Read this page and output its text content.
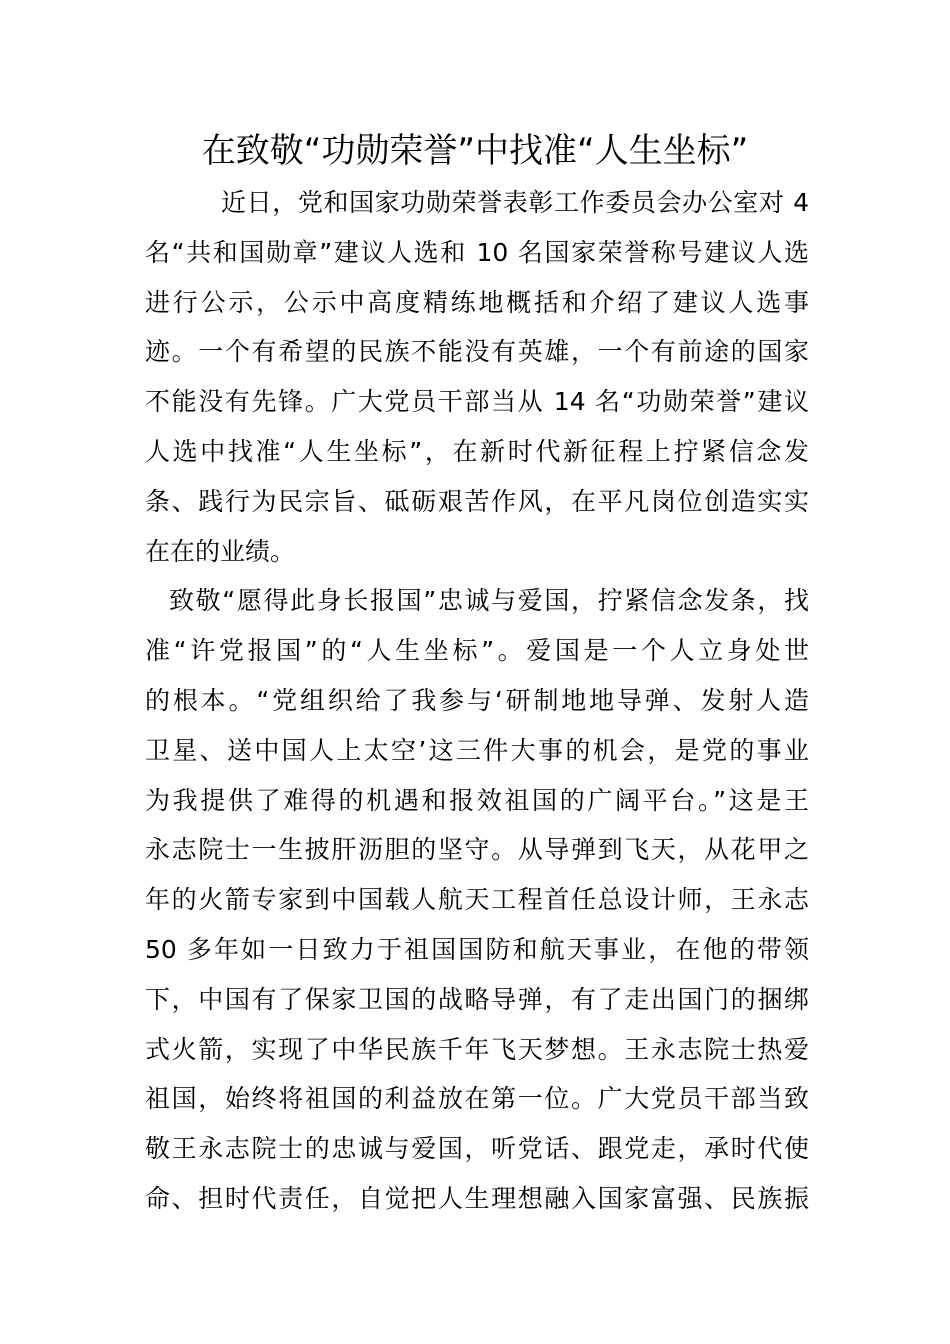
在致敬“功勋荣誉”中找准“人生坐标”
近日，党和国家功勋荣誉表彰工作委员会办公室对 4
名“共和国勋章”建议人选和 10 名国家荣誉称号建议人选
进行公示，公示中高度精练地概括和介绍了建议人选事
迹。一个有希望的民族不能没有英雄，一个有前途的国家
不能没有先锋。广大党员干部当从 14 名“功勋荣誉”建议
人选中找准“人生坐标”，在新时代新征程上拧紧信念发
条、践行为民宗旨、砥砺艰苦作风，在平凡岗位创造实实
在在的业绩。
致敬“愿得此身长报国”忠诚与爱国，拧紧信念发条，找
准“许党报国”的“人生坐标”。爱国是一个人立身处世
的根本。“党组织给了我参与‘研制地地导弹、发射人造
卫星、送中国人上太空’这三件大事的机会，是党的事业
为我提供了难得的机遇和报效祖国的广阔平台。”这是王
永志院士一生披肝沥胆的坚守。从导弹到飞天，从花甲之
年的火箭专家到中国载人航天工程首任总设计师，王永志
50 多年如一日致力于祖国国防和航天事业，在他的带领
下，中国有了保家卫国的战略导弹，有了走出国门的捆绑
式火箭，实现了中华民族千年飞天梦想。王永志院士热爱
祖国，始终将祖国的利益放在第一位。广大党员干部当致
敬王永志院士的忠诚与爱国，听党话、跟党走，承时代使
命、担时代责任，自觉把人生理想融入国家富强、民族振
